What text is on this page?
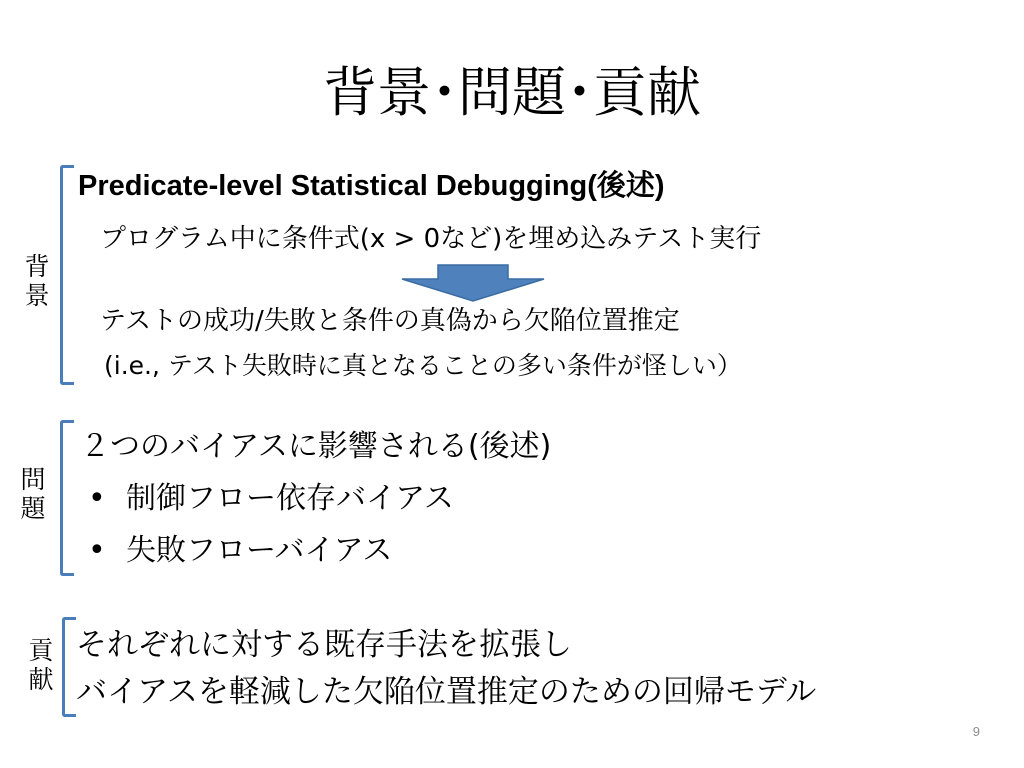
背景･問題･貢献
背
景
Predicate-level Statistical Debugging(後述)
プログラム中に条件式(x > 0など)を埋め込みテスト実行
テストの成功/失敗と条件の真偽から欠陥位置推定
(i.e., テスト失敗時に真となることの多い条件が怪しい）
問
題
２つのバイアスに影響される(後述)
• 制御フロー依存バイアス
• 失敗フローバイアス
貢
献
それぞれに対する既存手法を拡張し
バイアスを軽減した欠陥位置推定のための回帰モデル
9
